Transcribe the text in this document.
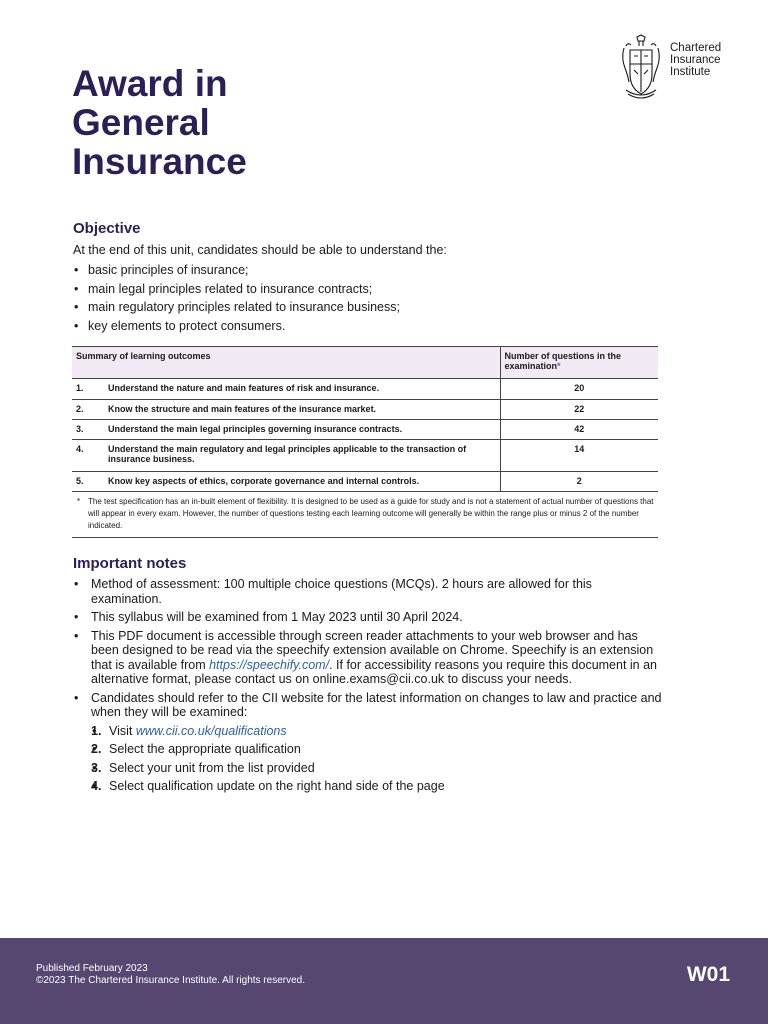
Award in
General
Insurance
Chartered
Insurance
Institute
Objective

At the end of this unit, candidates should be able to understand the:

• basic principles of insurance;
• main legal principles related to insurance contracts;
• main regulatory principles related to insurance business;
• key elements to protect consumers.
Summary of learning outcomes		Number of questions in the examination*
1.	Understand the nature and main features of risk and insurance.	20
2.	Know the structure and main features of the insurance market.	22
3.	Understand the main legal principles governing insurance contracts.	42
4.	Understand the main regulatory and legal principles applicable to the transaction of insurance business.	14
5.	Know key aspects of ethics, corporate governance and internal controls.	2

* The test specification has an in-built element of flexibility. It is designed to be used as a guide for study and is not a statement of actual number of questions that will appear in every exam. However, the number of questions testing each learning outcome will generally be within the range plus or minus 2 of the number indicated.		
Important notes
• Method of assessment: 100 multiple choice questions (MCQs). 2 hours are allowed for this examination.
• This syllabus will be examined from 1 May 2023 until 30 April 2024.
• This PDF document is accessible through screen reader attachments to your web browser and has been designed to be read via the speechify extension available on Chrome. Speechify is an extension that is available from https://speechify.com/. If for accessibility reasons you require this document in an alternative format, please contact us on online.exams@cii.co.uk to discuss your needs.
• Candidates should refer to the CII website for the latest information on changes to law and practice and when they will be examined:
• 1. Visit www.cii.co.uk/qualifications
• 2. Select the appropriate qualification
• 3. Select your unit from the list provided
• 4. Select qualification update on the right hand side of the page
Published February 2023
©2023 The Chartered Insurance Institute. All rights reserved.	W01
